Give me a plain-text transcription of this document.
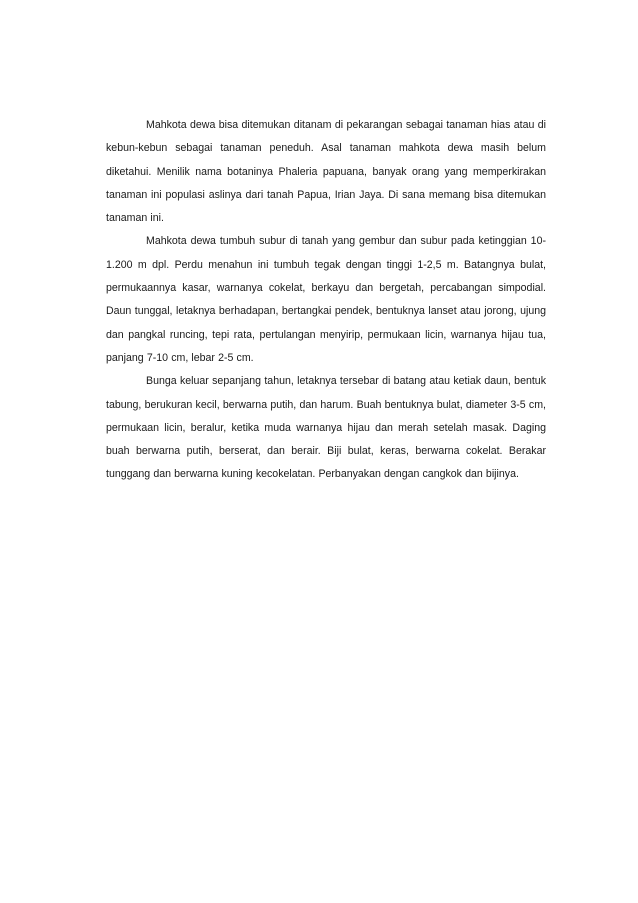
Mahkota dewa bisa ditemukan ditanam di pekarangan sebagai tanaman hias atau di kebun-kebun sebagai tanaman peneduh. Asal tanaman mahkota dewa masih belum diketahui. Menilik nama botaninya Phaleria papuana, banyak orang yang memperkirakan tanaman ini populasi aslinya dari tanah Papua, Irian Jaya. Di sana memang bisa ditemukan tanaman ini.

Mahkota dewa tumbuh subur di tanah yang gembur dan subur pada ketinggian 10-1.200 m dpl. Perdu menahun ini tumbuh tegak dengan tinggi 1-2,5 m. Batangnya bulat, permukaannya kasar, warnanya cokelat, berkayu dan bergetah, percabangan simpodial. Daun tunggal, letaknya berhadapan, bertangkai pendek, bentuknya lanset atau jorong, ujung dan pangkal runcing, tepi rata, pertulangan menyirip, permukaan licin, warnanya hijau tua, panjang 7-10 cm, lebar 2-5 cm.

Bunga keluar sepanjang tahun, letaknya tersebar di batang atau ketiak daun, bentuk tabung, berukuran kecil, berwarna putih, dan harum. Buah bentuknya bulat, diameter 3-5 cm, permukaan licin, beralur, ketika muda warnanya hijau dan merah setelah masak. Daging buah berwarna putih, berserat, dan berair. Biji bulat, keras, berwarna cokelat. Berakar tunggang dan berwarna kuning kecokelatan. Perbanyakan dengan cangkok dan bijinya.
